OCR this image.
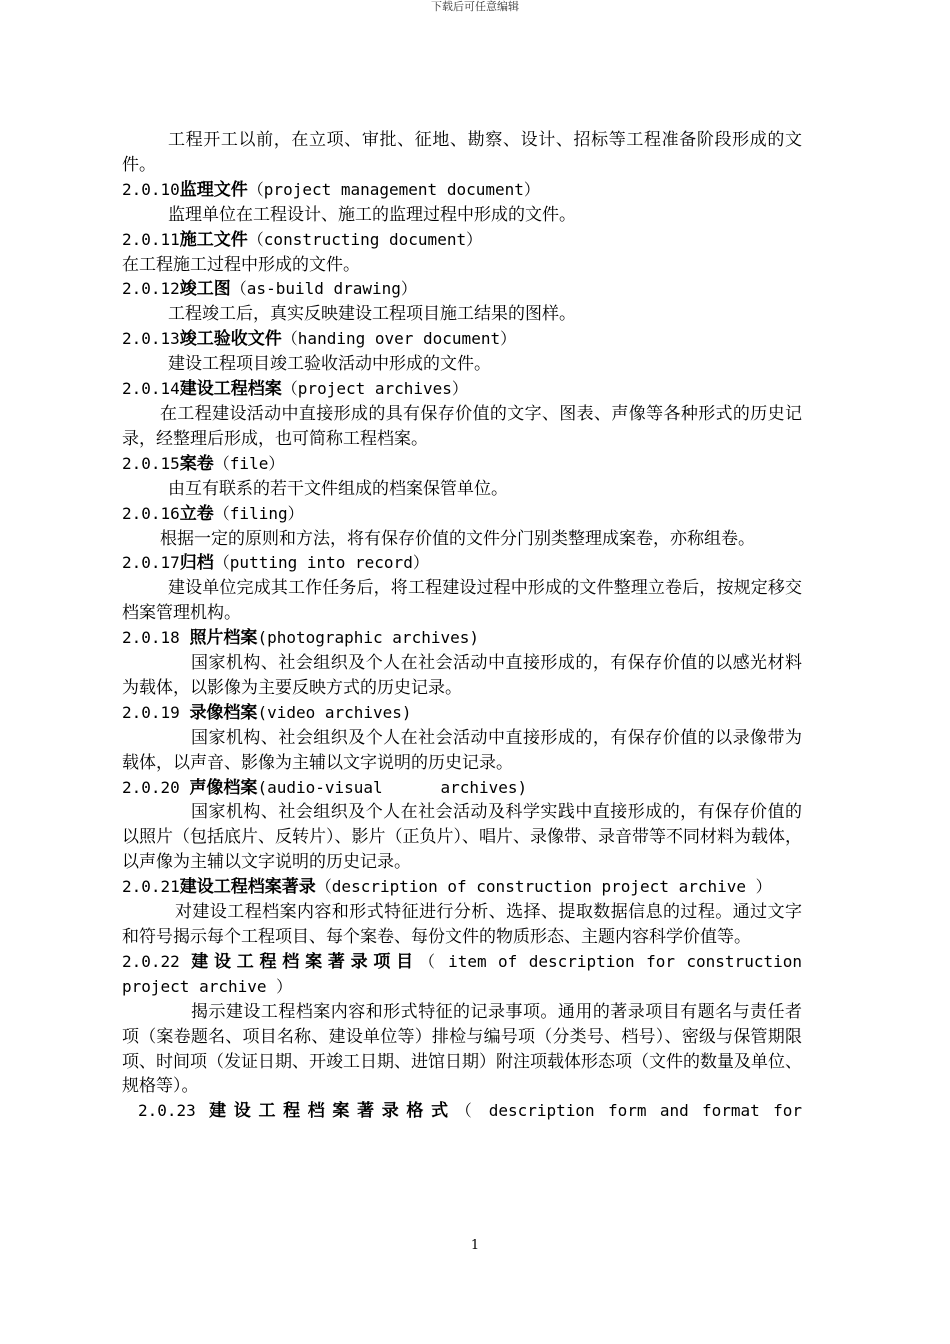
下载后可任意编辑

工程开工以前，在立项、审批、征地、勘察、设计、招标等工程准备阶段形成的文件。

2.0.10监理文件（project management document）

监理单位在工程设计、施工的监理过程中形成的文件。

2.0.11施工文件（constructing document）

在工程施工过程中形成的文件。

2.0.12竣工图（as-build drawing）

工程竣工后，真实反映建设工程项目施工结果的图样。

2.0.13竣工验收文件（handing over document）

建设工程项目竣工验收活动中形成的文件。

2.0.14建设工程档案（project archives）

在工程建设活动中直接形成的具有保存价值的文字、图表、声像等各种形式的历史记录，经整理后形成，也可简称工程档案。

2.0.15案卷（file）

由互有联系的若干文件组成的档案保管单位。

2.0.16立卷（filing）

根据一定的原则和方法，将有保存价值的文件分门别类整理成案卷，亦称组卷。

2.0.17归档（putting into record）

建设单位完成其工作任务后，将工程建设过程中形成的文件整理立卷后，按规定移交档案管理机构。

2.0.18 照片档案(photographic archives)

国家机构、社会组织及个人在社会活动中直接形成的，有保存价值的以感光材料为载体，以影像为主要反映方式的历史记录。

2.0.19 录像档案(video archives)

国家机构、社会组织及个人在社会活动中直接形成的，有保存价值的以录像带为载体，以声音、影像为主辅以文字说明的历史记录。

2.0.20 声像档案(audio-visual      archives)

国家机构、社会组织及个人在社会活动及科学实践中直接形成的，有保存价值的以照片（包括底片、反转片）、影片（正负片）、唱片、录像带、录音带等不同材料为载体，以声像为主辅以文字说明的历史记录。

2.0.21建设工程档案著录（description of construction project archive ）

对建设工程档案内容和形式特征进行分析、选择、提取数据信息的过程。通过文字和符号揭示每个工程项目、每个案卷、每份文件的物质形态、主题内容科学价值等。

2.0.22 建设工程档案著录项目（ item of description for construction

project archive ）

揭示建设工程档案内容和形式特征的记录事项。通用的著录项目有题名与责任者项（案卷题名、项目名称、建设单位等）排检与编号项（分类号、档号）、密级与保管期限项、时间项（发证日期、开竣工日期、进馆日期）附注项载体形态项（文件的数量及单位、规格等）。

2.0.23 建设工程档案著录格式（ description form and format for

1
